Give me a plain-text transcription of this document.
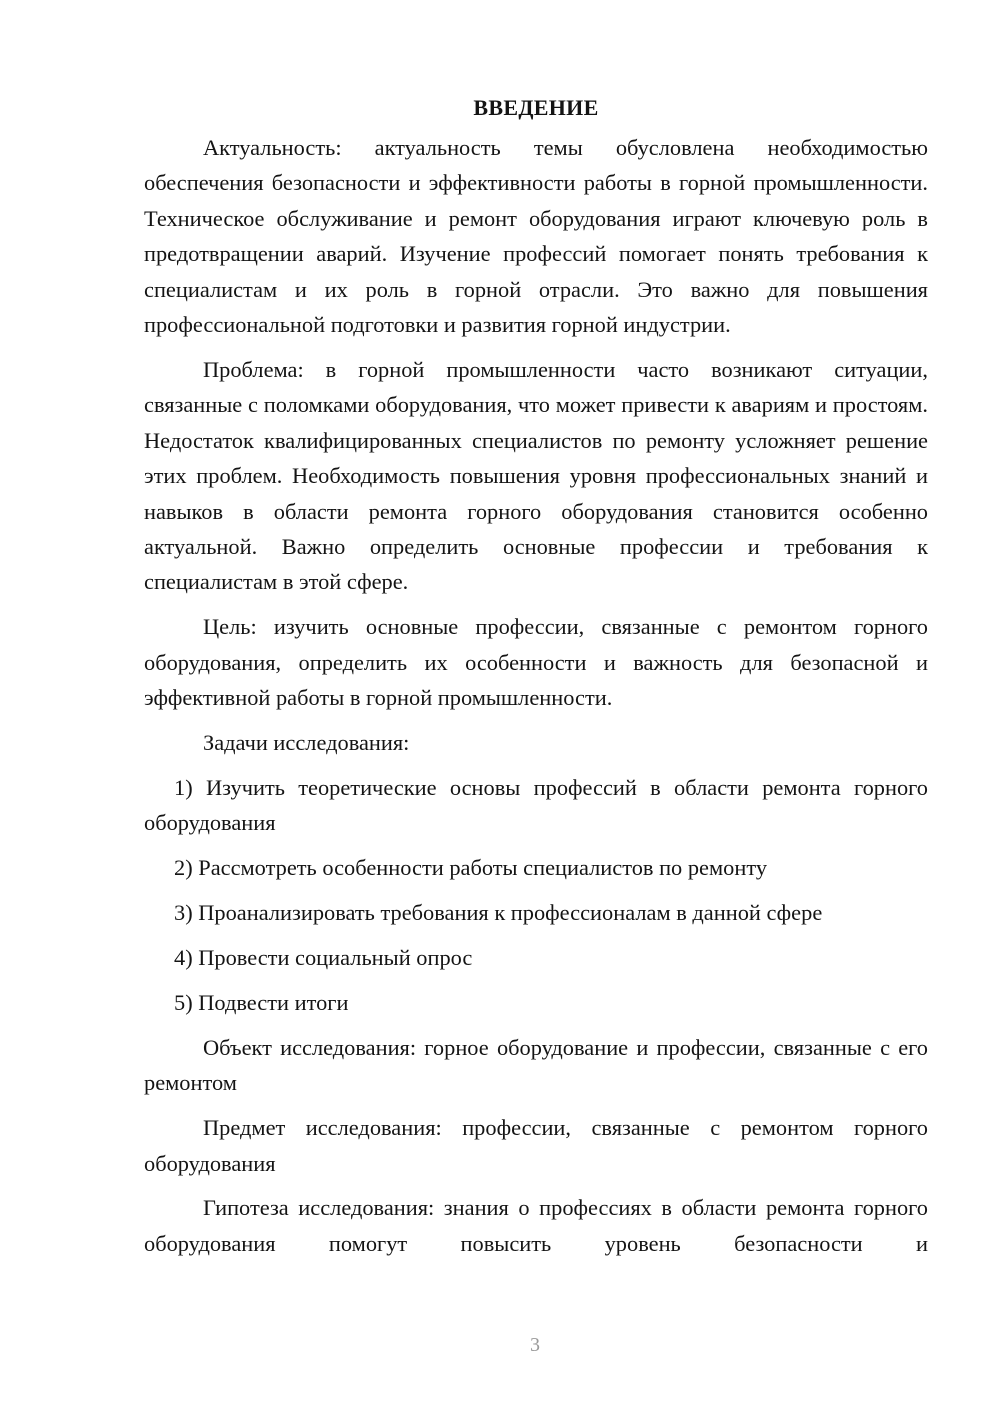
ВВЕДЕНИЕ

Актуальность: актуальность темы обусловлена необходимостью обеспечения безопасности и эффективности работы в горной промышленности. Техническое обслуживание и ремонт оборудования играют ключевую роль в предотвращении аварий. Изучение профессий помогает понять требования к специалистам и их роль в горной отрасли. Это важно для повышения профессиональной подготовки и развития горной индустрии.

Проблема: в горной промышленности часто возникают ситуации, связанные с поломками оборудования, что может привести к авариям и простоям. Недостаток квалифицированных специалистов по ремонту усложняет решение этих проблем. Необходимость повышения уровня профессиональных знаний и навыков в области ремонта горного оборудования становится особенно актуальной. Важно определить основные профессии и требования к специалистам в этой сфере.

Цель: изучить основные профессии, связанные с ремонтом горного оборудования, определить их особенности и важность для безопасной и эффективной работы в горной промышленности.

Задачи исследования:

1) Изучить теоретические основы профессий в области ремонта горного оборудования

2) Рассмотреть особенности работы специалистов по ремонту

3) Проанализировать требования к профессионалам в данной сфере

4) Провести социальный опрос

5) Подвести итоги

Объект исследования: горное оборудование и профессии, связанные с его ремонтом

Предмет исследования: профессии, связанные с ремонтом горного оборудования

Гипотеза исследования: знания о профессиях в области ремонта горного оборудования помогут повысить уровень безопасности и

3
